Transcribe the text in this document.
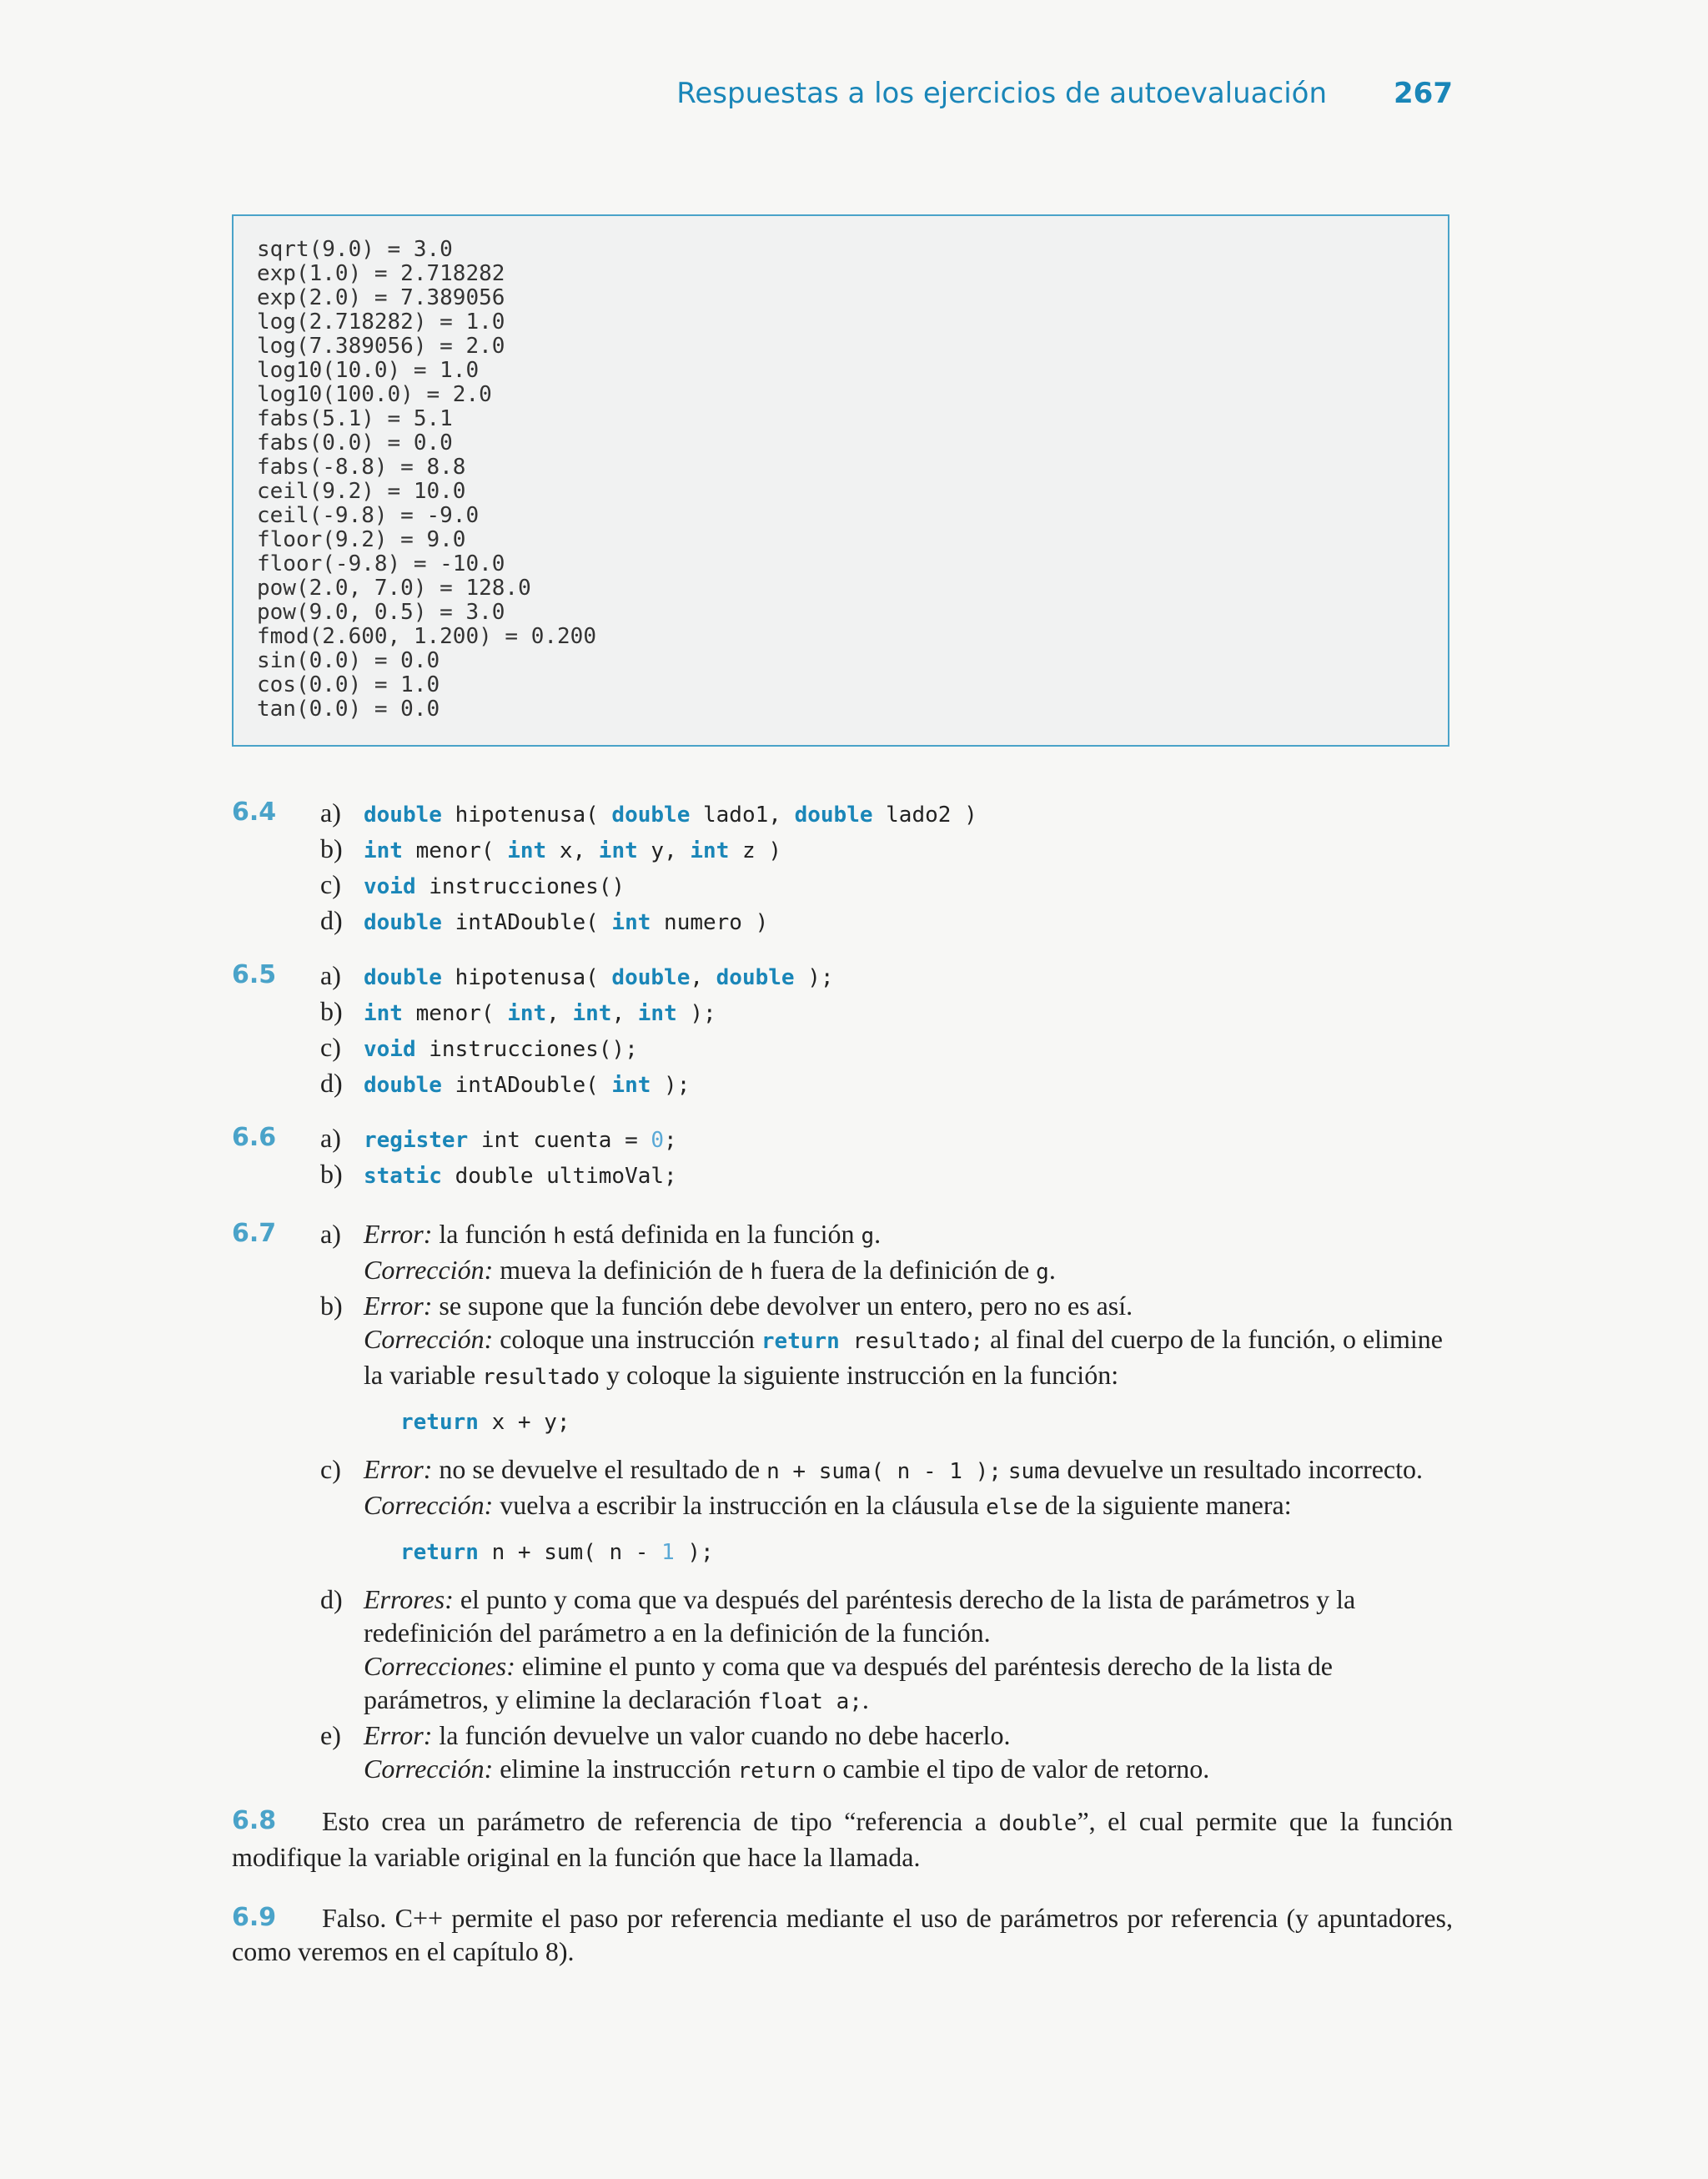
Respuestas a los ejercicios de autoevaluación 267
sqrt(9.0) = 3.0
exp(1.0) = 2.718282
exp(2.0) = 7.389056
log(2.718282) = 1.0
log(7.389056) = 2.0
log10(10.0) = 1.0
log10(100.0) = 2.0
fabs(5.1) = 5.1
fabs(0.0) = 0.0
fabs(-8.8) = 8.8
ceil(9.2) = 10.0
ceil(-9.8) = -9.0
floor(9.2) = 9.0
floor(-9.8) = -10.0
pow(2.0, 7.0) = 128.0
pow(9.0, 0.5) = 3.0
fmod(2.600, 1.200) = 0.200
sin(0.0) = 0.0
cos(0.0) = 1.0
tan(0.0) = 0.0
6.4 a) double hipotenusa( double lado1, double lado2 )
b) int menor( int x, int y, int z )
c) void instrucciones()
d) double intADouble( int numero )
6.5 a) double hipotenusa( double, double );
b) int menor( int, int, int );
c) void instrucciones();
d) double intADouble( int );
6.6 a) register int cuenta = 0;
b) static double ultimoVal;
6.7 a) Error: la función h está definida en la función g.
Corrección: mueva la definición de h fuera de la definición de g.
b) Error: se supone que la función debe devolver un entero, pero no es así.
Corrección: coloque una instrucción return resultado; al final del cuerpo de la función, o elimine la variable resultado y coloque la siguiente instrucción en la función:
return x + y;
c) Error: no se devuelve el resultado de n + suma( n - 1 ); suma devuelve un resultado incorrecto.
Corrección: vuelva a escribir la instrucción en la cláusula else de la siguiente manera:
return n + sum( n - 1 );
d) Errores: el punto y coma que va después del paréntesis derecho de la lista de parámetros y la redefinición del parámetro a en la definición de la función.
Correcciones: elimine el punto y coma que va después del paréntesis derecho de la lista de parámetros, y elimine la declaración float a;.
e) Error: la función devuelve un valor cuando no debe hacerlo.
Corrección: elimine la instrucción return o cambie el tipo de valor de retorno.
6.8	Esto crea un parámetro de referencia de tipo “referencia a double”, el cual permite que la función modifique la variable original en la función que hace la llamada.
6.9	Falso. C++ permite el paso por referencia mediante el uso de parámetros por referencia (y apuntadores, como veremos en el capítulo 8).
